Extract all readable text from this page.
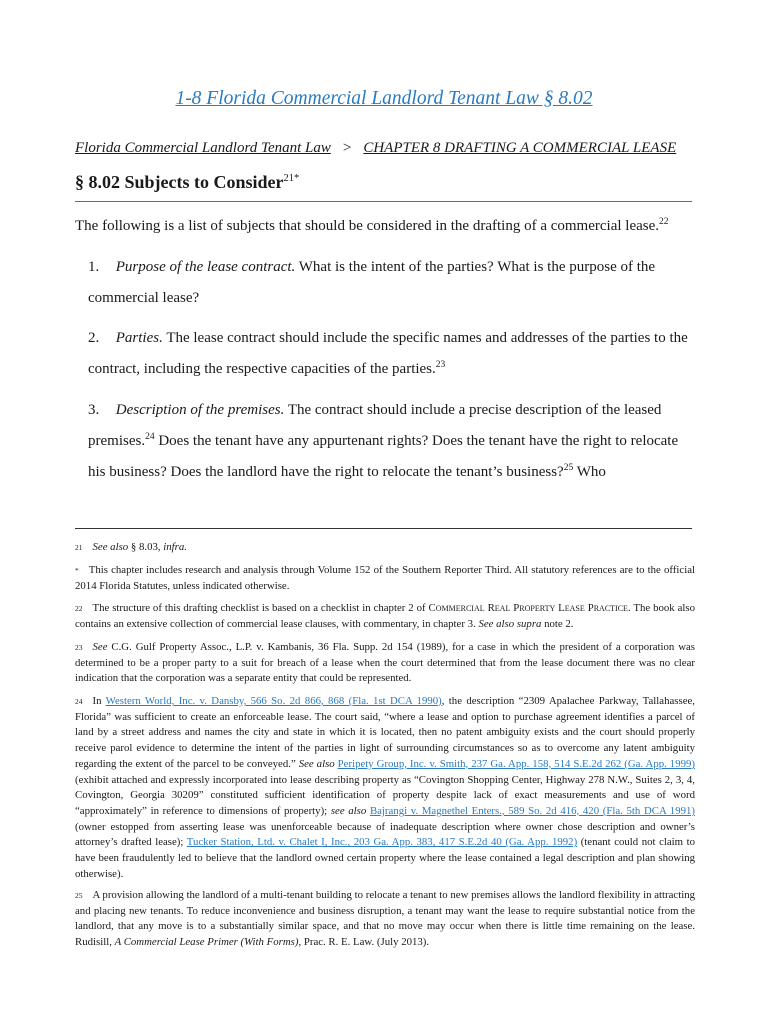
1-8 Florida Commercial Landlord Tenant Law § 8.02
Florida Commercial Landlord Tenant Law > CHAPTER 8 DRAFTING A COMMERCIAL LEASE
§ 8.02 Subjects to Consider$^{21*}$
The following is a list of subjects that should be considered in the drafting of a commercial lease.$^{22}$
1. Purpose of the lease contract. What is the intent of the parties? What is the purpose of the commercial lease?
2. Parties. The lease contract should include the specific names and addresses of the parties to the contract, including the respective capacities of the parties.$^{23}$
3. Description of the premises. The contract should include a precise description of the leased premises.$^{24}$ Does the tenant have any appurtenant rights? Does the tenant have the right to relocate his business? Does the landlord have the right to relocate the tenant’s business?$^{25}$ Who
$^{21}$ See also § 8.03, infra.
* This chapter includes research and analysis through Volume 152 of the Southern Reporter Third. All statutory references are to the official 2014 Florida Statutes, unless indicated otherwise.
$^{22}$ The structure of this drafting checklist is based on a checklist in chapter 2 of Commercial Real Property Lease Practice. The book also contains an extensive collection of commercial lease clauses, with commentary, in chapter 3. See also supra note 2.
$^{23}$ See C.G. Gulf Property Assoc., L.P. v. Kambanis, 36 Fla. Supp. 2d 154 (1989), for a case in which the president of a corporation was determined to be a proper party to a suit for breach of a lease when the court determined that from the lease document there was no clear indication that the corporation was a separate entity that could be represented.
$^{24}$ In Western World, Inc. v. Dansby, 566 So. 2d 866, 868 (Fla. 1st DCA 1990), the description “2309 Apalachee Parkway, Tallahassee, Florida” was sufficient to create an enforceable lease. The court said, “where a lease and option to purchase agreement identifies a parcel of land by a street address and names the city and state in which it is located, then no patent ambiguity exists and the court should properly receive parol evidence to determine the intent of the parties in light of surrounding circumstances so as to overcome any latent ambiguity regarding the extent of the parcel to be conveyed.” See also Peripety Group, Inc. v. Smith, 237 Ga. App. 158, 514 S.E.2d 262 (Ga. App. 1999) (exhibit attached and expressly incorporated into lease describing property as “Covington Shopping Center, Highway 278 N.W., Suites 2, 3, 4, Covington, Georgia 30209” constituted sufficient identification of property despite lack of exact measurements and use of word “approximately” in reference to dimensions of property); see also Bajrangi v. Magnethel Enters., 589 So. 2d 416, 420 (Fla. 5th DCA 1991) (owner estopped from asserting lease was unenforceable because of inadequate description where owner chose description and owner’s attorney’s drafted lease); Tucker Station, Ltd. v. Chalet I, Inc., 203 Ga. App. 383, 417 S.E.2d 40 (Ga. App. 1992) (tenant could not claim to have been fraudulently led to believe that the landlord owned certain property where the lease contained a legal description and plan showing otherwise).
$^{25}$ A provision allowing the landlord of a multi-tenant building to relocate a tenant to new premises allows the landlord flexibility in attracting and placing new tenants. To reduce inconvenience and business disruption, a tenant may want the lease to require substantial notice from the landlord, that any move is to a substantially similar space, and that no move may occur when there is little time remaining on the lease. Rudisill, A Commercial Lease Primer (With Forms), Prac. R. E. Law. (July 2013).
